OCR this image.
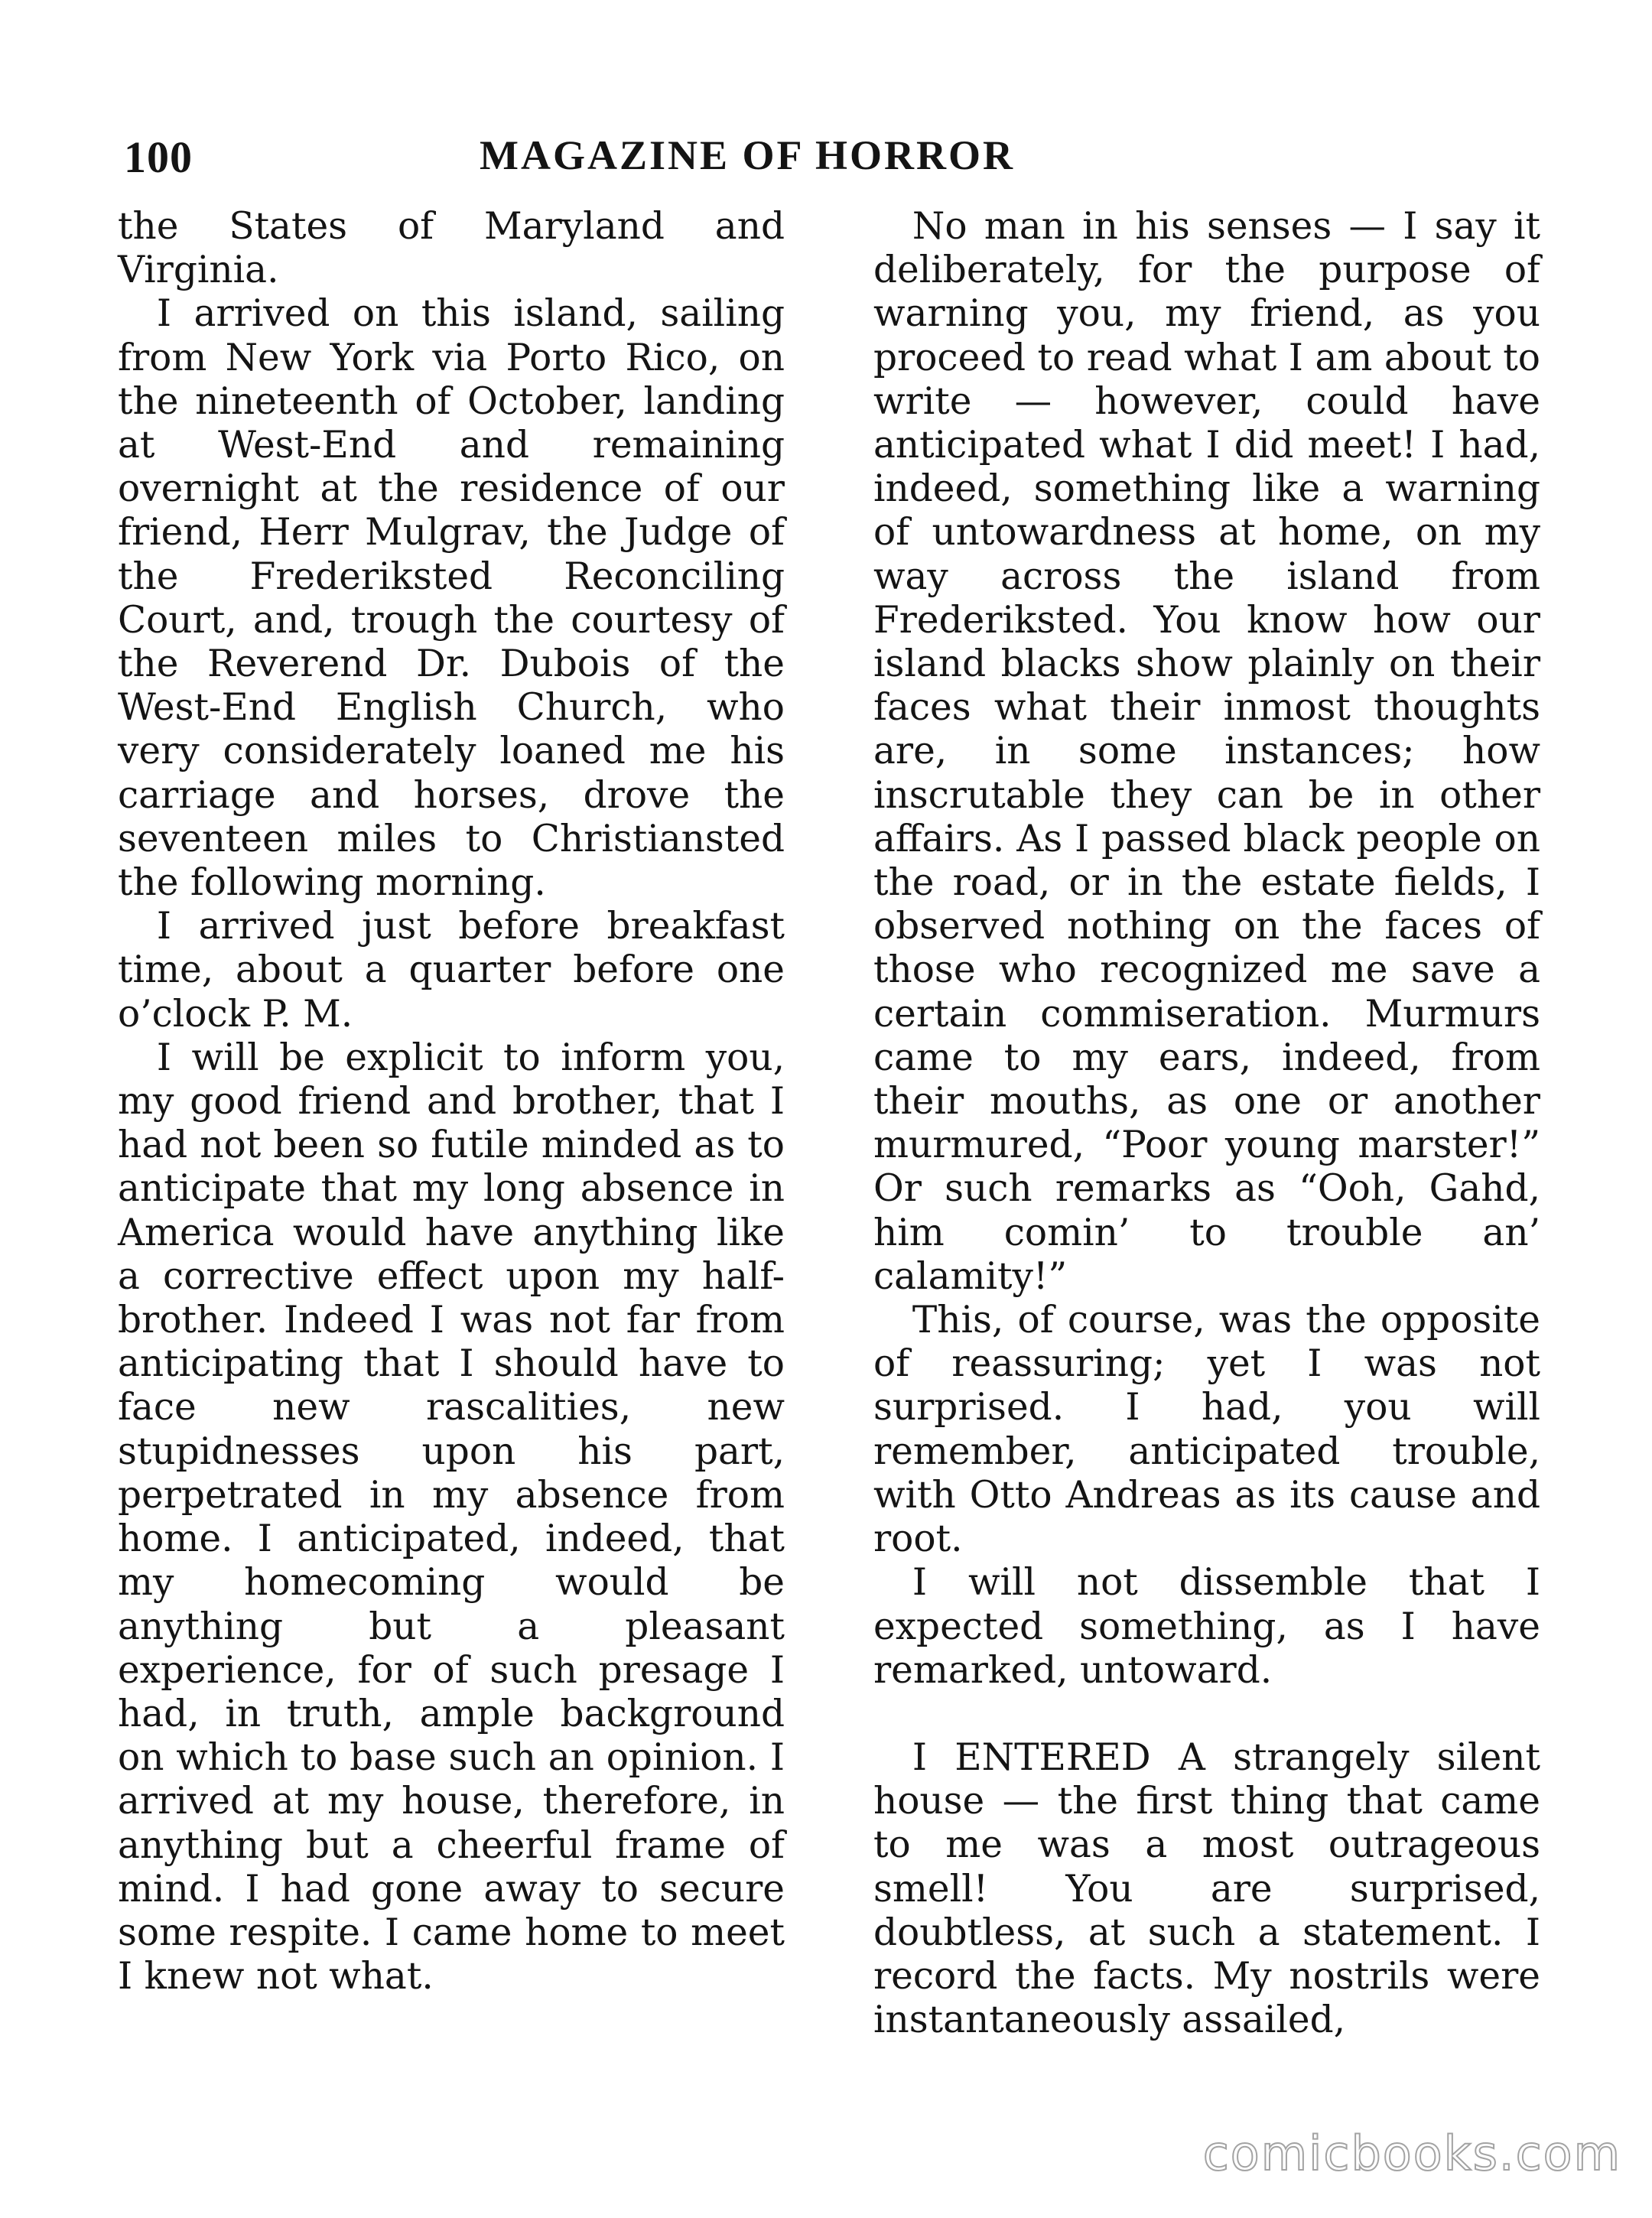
100	MAGAZINE OF HORROR

the States of Maryland and Virginia.

I arrived on this island, sailing from New York via Porto Rico, on the nineteenth of October, landing at West-End and remaining overnight at the residence of our friend, Herr Mulgrav, the Judge of the Frederiksted Reconciling Court, and, trough the courtesy of the Reverend Dr. Dubois of the West-End English Church, who very considerately loaned me his carriage and horses, drove the seventeen miles to Christiansted the following morning.

I arrived just before breakfast time, about a quarter before one o’clock P. M.

I will be explicit to inform you, my good friend and brother, that I had not been so futile minded as to anticipate that my long absence in America would have anything like a corrective effect upon my half-brother. Indeed I was not far from anticipating that I should have to face new rascalities, new stupidnesses upon his part, perpetrated in my absence from home. I anticipated, indeed, that my homecoming would be anything but a pleasant experience, for of such presage I had, in truth, ample background on which to base such an opinion. I arrived at my house, therefore, in anything but a cheerful frame of mind. I had gone away to secure some respite. I came home to meet I knew not what.

No man in his senses — I say it deliberately, for the purpose of warning you, my friend, as you proceed to read what I am about to write — however, could have anticipated what I did meet! I had, indeed, something like a warning of untowardness at home, on my way across the island from Frederiksted. You know how our island blacks show plainly on their faces what their inmost thoughts are, in some instances; how inscrutable they can be in other affairs. As I passed black people on the road, or in the estate fields, I observed nothing on the faces of those who recognized me save a certain commiseration. Murmurs came to my ears, indeed, from their mouths, as one or another murmured, “Poor young marster!” Or such remarks as “Ooh, Gahd, him comin’ to trouble an’ calamity!”

This, of course, was the opposite of reassuring; yet I was not surprised. I had, you will remember, anticipated trouble, with Otto Andreas as its cause and root.

I will not dissemble that I expected something, as I have remarked, untoward.

I ENTERED A strangely silent house — the first thing that came to me was a most outrageous smell! You are surprised, doubtless, at such a statement. I record the facts. My nostrils were instantaneously assailed,

comicbooks.com
